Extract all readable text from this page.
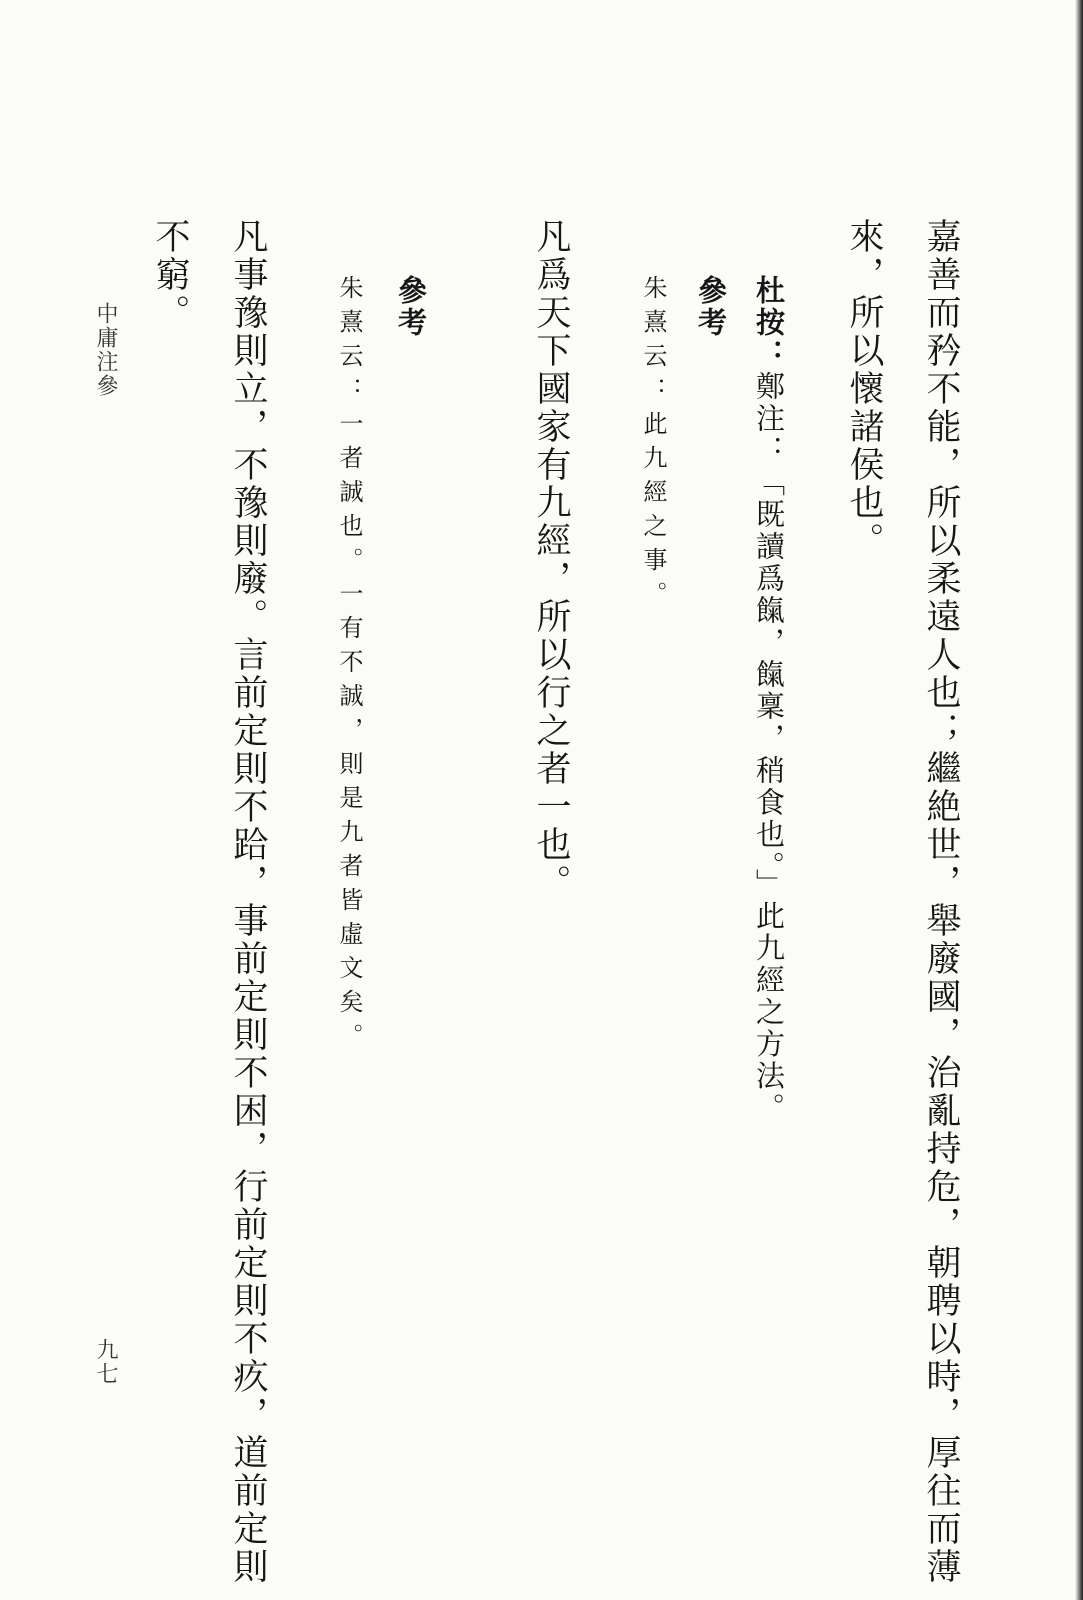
嘉善而矜不能，所以柔遠人也；繼絶世，舉廢國，治亂持危，朝聘以時，厚往而薄
來，所以懷諸侯也。
杜按：鄭注：「既讀爲餼，餼稟，稍食也。」此九經之方法。
參考
朱熹云：此九經之事。
凡爲天下國家有九經，所以行之者一也。
參考
朱熹云：一者誠也。一有不誠，則是九者皆虛文矣。
凡事豫則立，不豫則廢。言前定則不跲，事前定則不困，行前定則不疚，道前定則
不窮。
中庸注參
九七
